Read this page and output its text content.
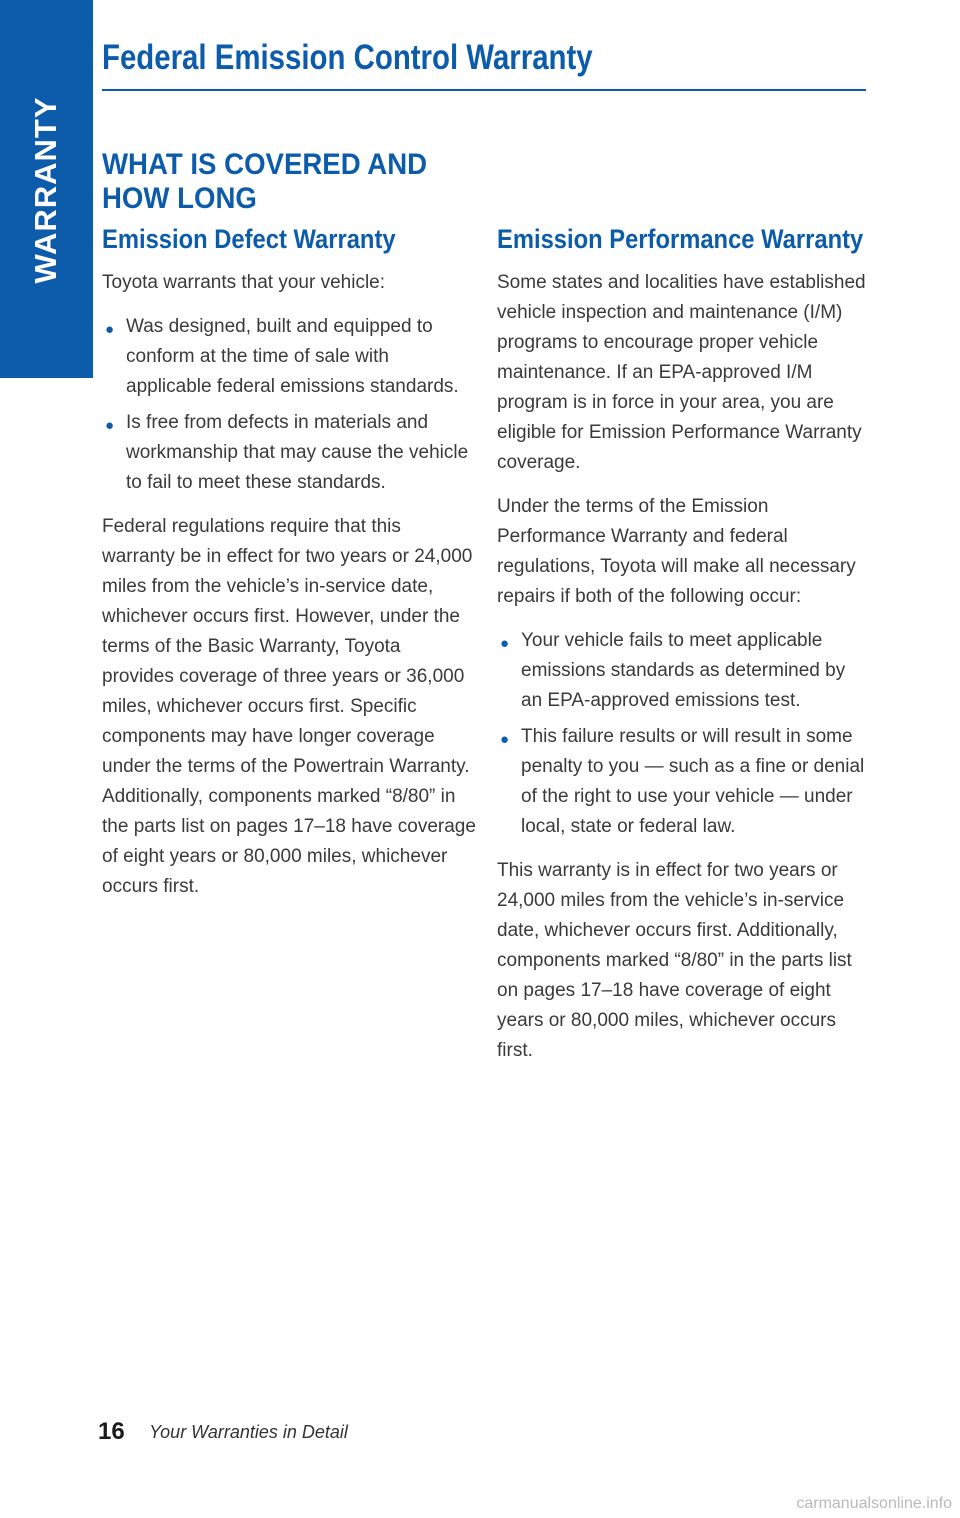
WARRANTY
Federal Emission Control Warranty
WHAT IS COVERED AND
HOW LONG
Emission Defect Warranty

Toyota warrants that your vehicle:

● Was designed, built and equipped to conform at the time of sale with applicable federal emissions standards.
● Is free from defects in materials and workmanship that may cause the vehicle to fail to meet these standards.

Federal regulations require that this warranty be in effect for two years or 24,000 miles from the vehicle’s in-service date, whichever occurs first. However, under the terms of the Basic Warranty, Toyota provides coverage of three years or 36,000 miles, whichever occurs first. Specific components may have longer coverage under the terms of the Powertrain Warranty. Additionally, components marked “8/80” in the parts list on pages 17–18 have coverage of eight years or 80,000 miles, whichever occurs first.

Emission Performance Warranty

Some states and localities have established vehicle inspection and maintenance (I/M) programs to encourage proper vehicle maintenance. If an EPA-approved I/M program is in force in your area, you are eligible for Emission Performance Warranty coverage.

Under the terms of the Emission Performance Warranty and federal regulations, Toyota will make all necessary repairs if both of the following occur:

● Your vehicle fails to meet applicable emissions standards as determined by an EPA-approved emissions test.
● This failure results or will result in some penalty to you — such as a fine or denial of the right to use your vehicle — under local, state or federal law.

This warranty is in effect for two years or 24,000 miles from the vehicle’s in-service date, whichever occurs first. Additionally, components marked “8/80” in the parts list on pages 17–18 have coverage of eight years or 80,000 miles, whichever occurs first.

16 Your Warranties in Detail
carmanualsonline.info
